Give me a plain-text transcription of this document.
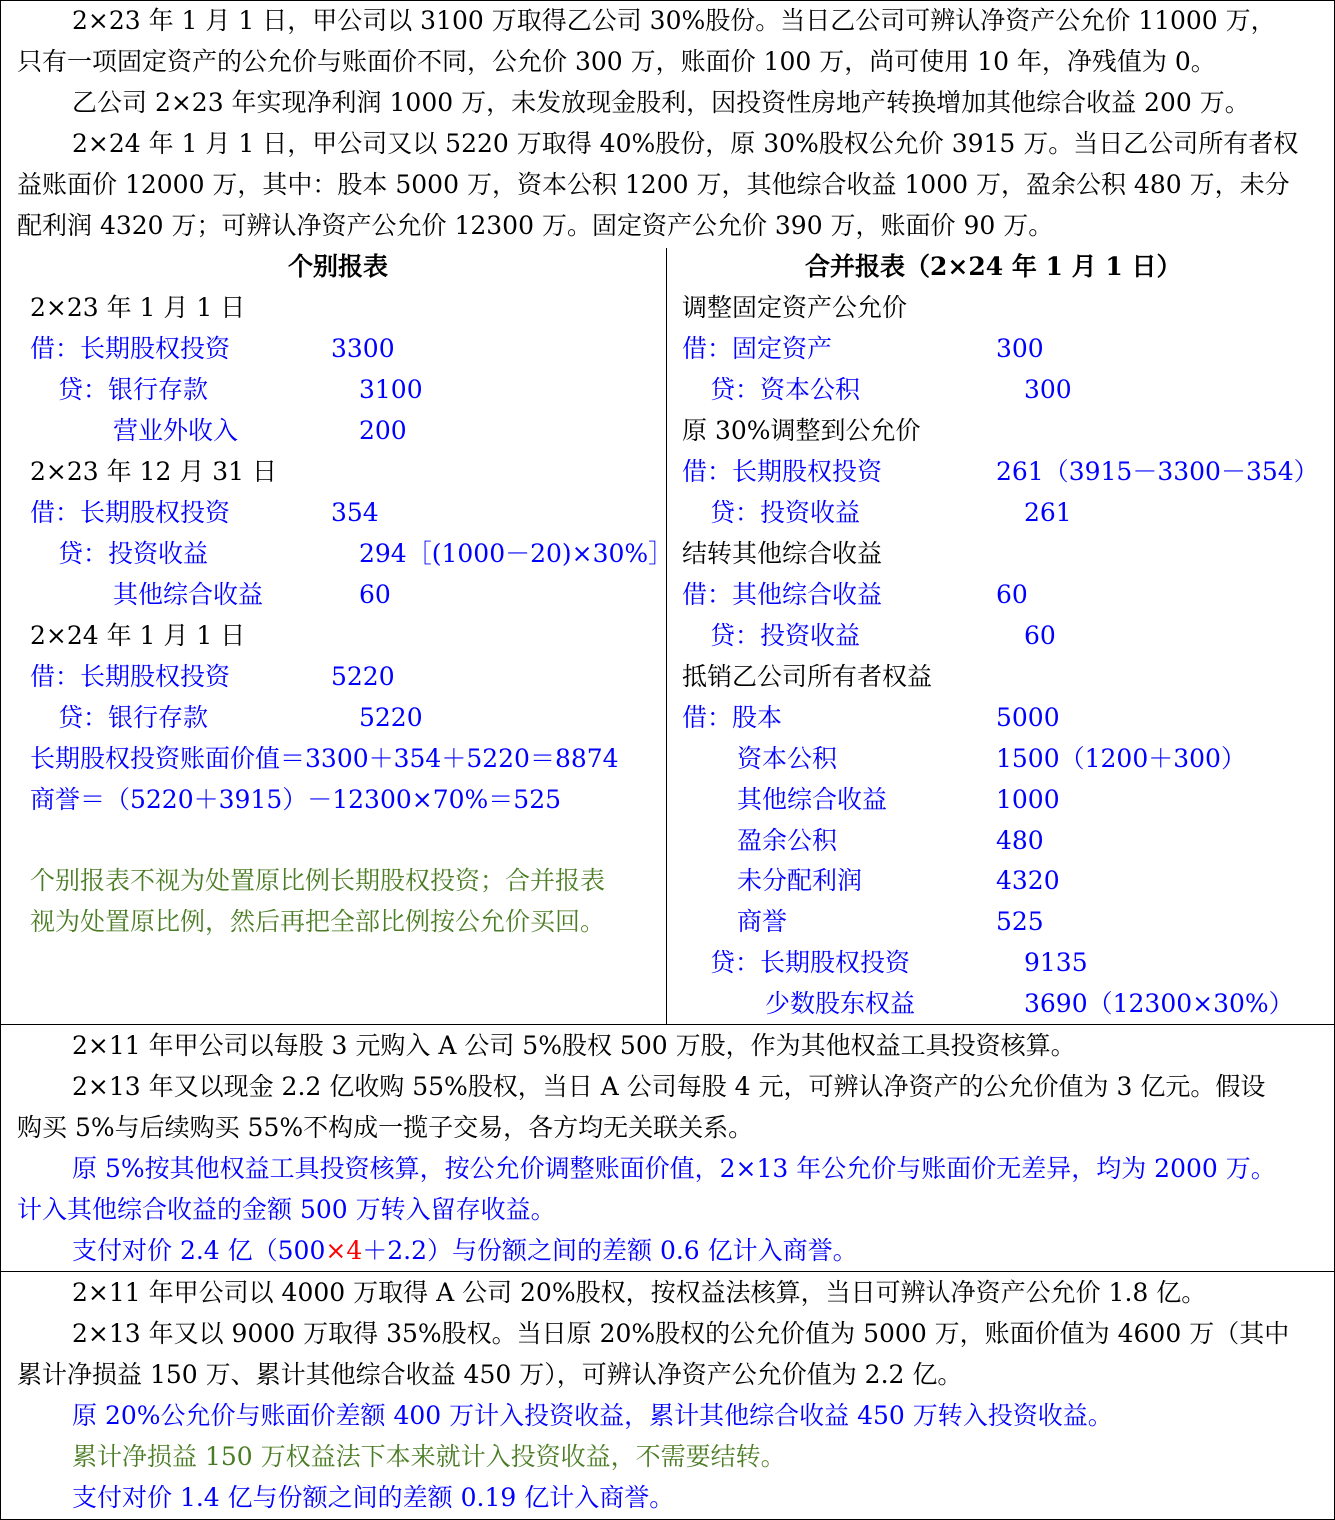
2×23 年 1 月 1 日，甲公司以 3100 万取得乙公司 30%股份。当日乙公司可辨认净资产公允价 11000 万，
只有一项固定资产的公允价与账面价不同，公允价 300 万，账面价 100 万，尚可使用 10 年，净残值为 0。
乙公司 2×23 年实现净利润 1000 万，未发放现金股利，因投资性房地产转换增加其他综合收益 200 万。
2×24 年 1 月 1 日，甲公司又以 5220 万取得 40%股份，原 30%股权公允价 3915 万。当日乙公司所有者权
益账面价 12000 万，其中：股本 5000 万，资本公积 1200 万，其他综合收益 1000 万，盈余公积 480 万，未分
配利润 4320 万；可辨认净资产公允价 12300 万。固定资产公允价 390 万，账面价 90 万。
个别报表	合并报表（2×24 年 1 月 1 日）
2×23 年 1 月 1 日
借：长期股权投资	3300
贷：银行存款	3100
营业外收入	200
2×23 年 12 月 31 日
借：长期股权投资	354
贷：投资收益	294［(1000－20)×30%］
其他综合收益	60
2×24 年 1 月 1 日
借：长期股权投资	5220
贷：银行存款	5220
长期股权投资账面价值＝3300＋354＋5220＝8874
商誉＝（5220＋3915）－12300×70%＝525
个别报表不视为处置原比例长期股权投资；合并报表
视为处置原比例，然后再把全部比例按公允价买回。
调整固定资产公允价
借：固定资产	300
贷：资本公积	300
原 30%调整到公允价
借：长期股权投资	261（3915－3300－354）
贷：投资收益	261
结转其他综合收益
借：其他综合收益	60
贷：投资收益	60
抵销乙公司所有者权益
借：股本	5000
资本公积	1500（1200＋300）
其他综合收益	1000
盈余公积	480
未分配利润	4320
商誉	525
贷：长期股权投资	9135
少数股东权益	3690（12300×30%）
2×11 年甲公司以每股 3 元购入 A 公司 5%股权 500 万股，作为其他权益工具投资核算。
2×13 年又以现金 2.2 亿收购 55%股权，当日 A 公司每股 4 元，可辨认净资产的公允价值为 3 亿元。假设
购买 5%与后续购买 55%不构成一揽子交易，各方均无关联关系。
原 5%按其他权益工具投资核算，按公允价调整账面价值，2×13 年公允价与账面价无差异，均为 2000 万。
计入其他综合收益的金额 500 万转入留存收益。
支付对价 2.4 亿（500×4＋2.2）与份额之间的差额 0.6 亿计入商誉。
2×11 年甲公司以 4000 万取得 A 公司 20%股权，按权益法核算，当日可辨认净资产公允价 1.8 亿。
2×13 年又以 9000 万取得 35%股权。当日原 20%股权的公允价值为 5000 万，账面价值为 4600 万（其中
累计净损益 150 万、累计其他综合收益 450 万），可辨认净资产公允价值为 2.2 亿。
原 20%公允价与账面价差额 400 万计入投资收益，累计其他综合收益 450 万转入投资收益。
累计净损益 150 万权益法下本来就计入投资收益，不需要结转。
支付对价 1.4 亿与份额之间的差额 0.19 亿计入商誉。
